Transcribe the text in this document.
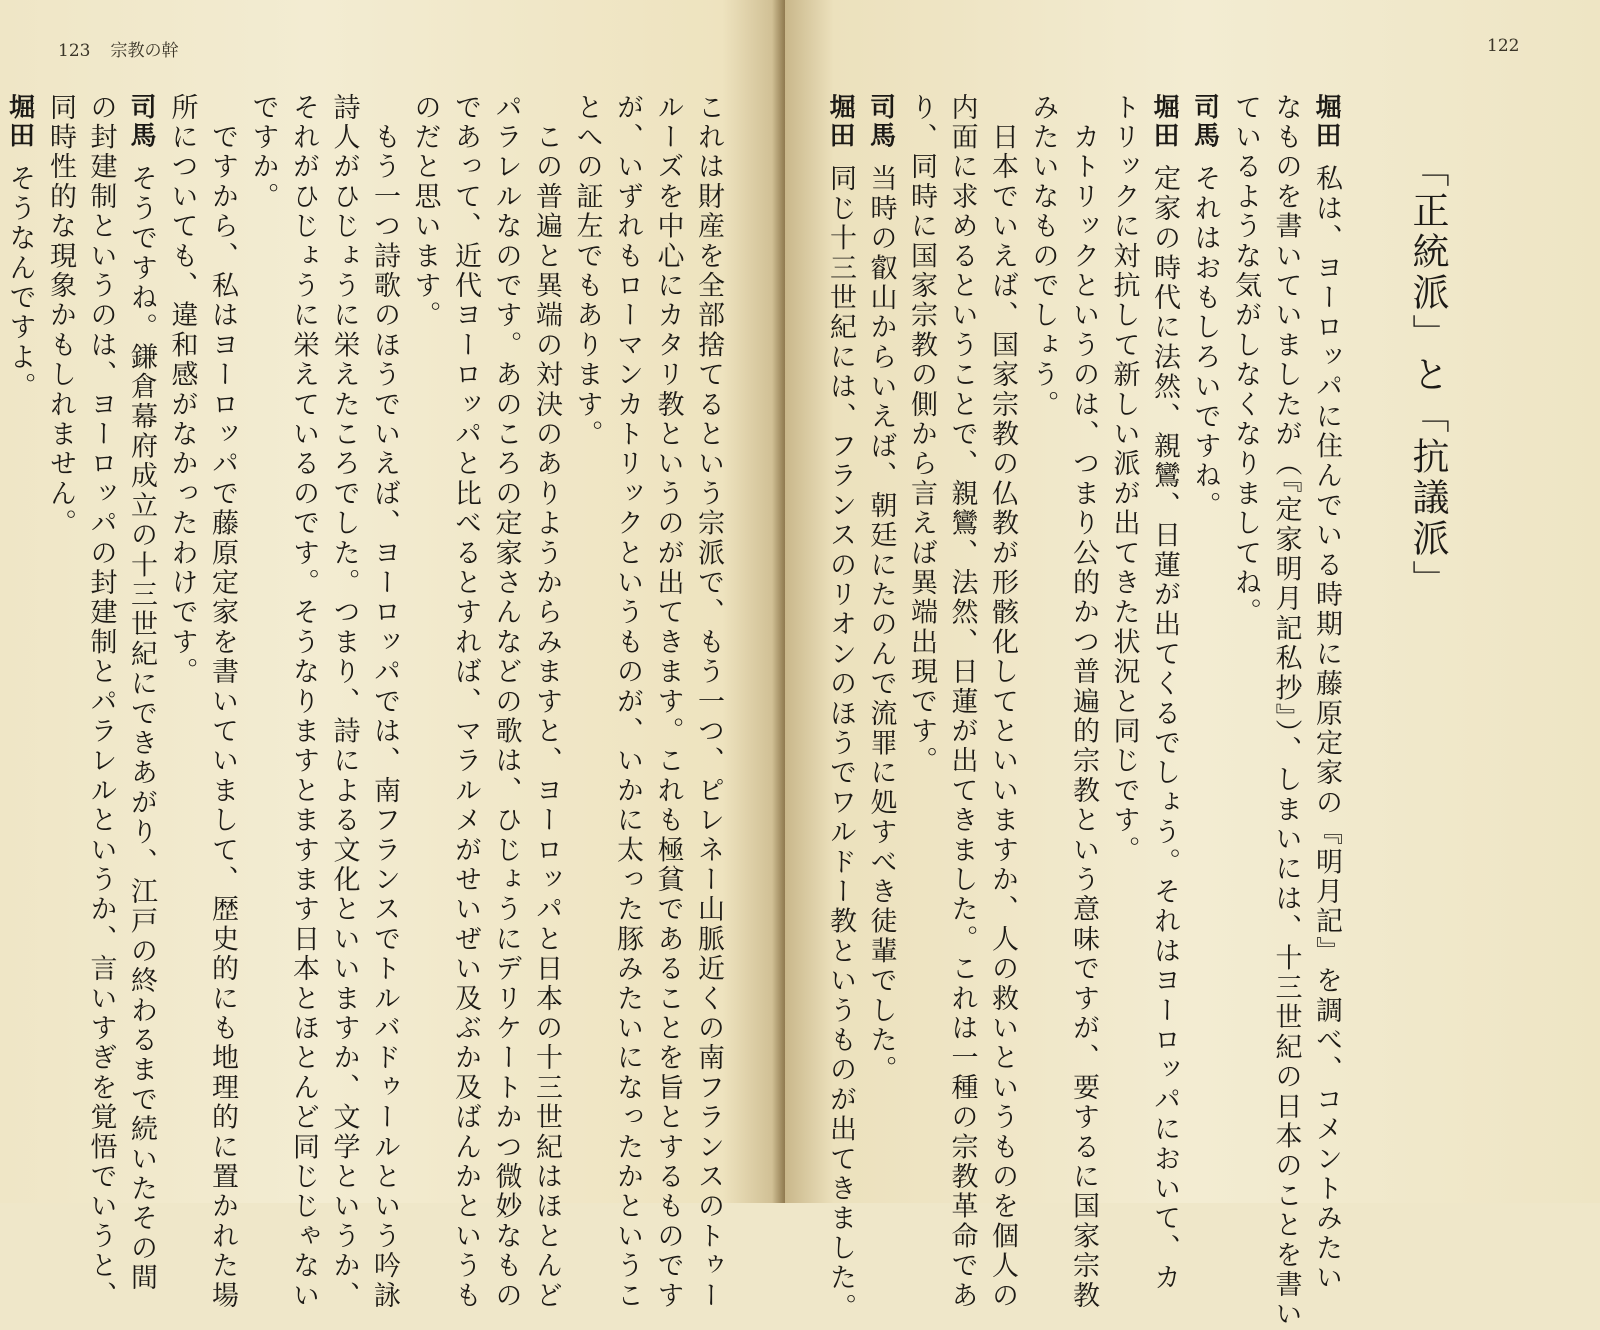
123 宗教の幹
これは財産を全部捨てるという宗派で、もう一つ、ピレネー山脈近くの南フランスのトゥー
ルーズを中心にカタリ教というのが出てきます。これも極貧であることを旨とするものです
が、いずれもローマンカトリックというものが、いかに太った豚みたいになったかというこ
とへの証左でもあります。
　この普遍と異端の対決のありようからみますと、ヨーロッパと日本の十三世紀はほとんど
パラレルなのです。あのころの定家さんなどの歌は、ひじょうにデリケートかつ微妙なもの
であって、近代ヨーロッパと比べるとすれば、マラルメがせいぜい及ぶか及ばんかというも
のだと思います。
　もう一つ詩歌のほうでいえば、ヨーロッパでは、南フランスでトルバドゥールという吟詠
詩人がひじょうに栄えたころでした。つまり、詩による文化といいますか、文学というか、
それがひじょうに栄えているのです。そうなりますとますます日本とほとんど同じじゃない
ですか。
　ですから、私はヨーロッパで藤原定家を書いていまして、歴史的にも地理的に置かれた場
所についても、違和感がなかったわけです。
司馬そうですね。鎌倉幕府成立の十三世紀にできあがり、江戸の終わるまで続いたその間
の封建制というのは、ヨーロッパの封建制とパラレルというか、言いすぎを覚悟でいうと、
同時性的な現象かもしれません。
堀田そうなんですよ。
122
堀田私は、ヨーロッパに住んでいる時期に藤原定家の『明月記』を調べ、コメントみたい
なものを書いていましたが（『定家明月記私抄』）、しまいには、十三世紀の日本のことを書い
ているような気がしなくなりましてね。
司馬それはおもしろいですね。
堀田定家の時代に法然、親鸞、日蓮が出てくるでしょう。それはヨーロッパにおいて、カ
トリックに対抗して新しい派が出てきた状況と同じです。
　カトリックというのは、つまり公的かつ普遍的宗教という意味ですが、要するに国家宗教
みたいなものでしょう。
　日本でいえば、国家宗教の仏教が形骸化してといいますか、人の救いというものを個人の
内面に求めるということで、親鸞、法然、日蓮が出てきました。これは一種の宗教革命であ
り、同時に国家宗教の側から言えば異端出現です。
司馬当時の叡山からいえば、朝廷にたのんで流罪に処すべき徒輩でした。
堀田同じ十三世紀には、フランスのリオンのほうでワルドー教というものが出てきました。	「正統派」と「抗議派」
